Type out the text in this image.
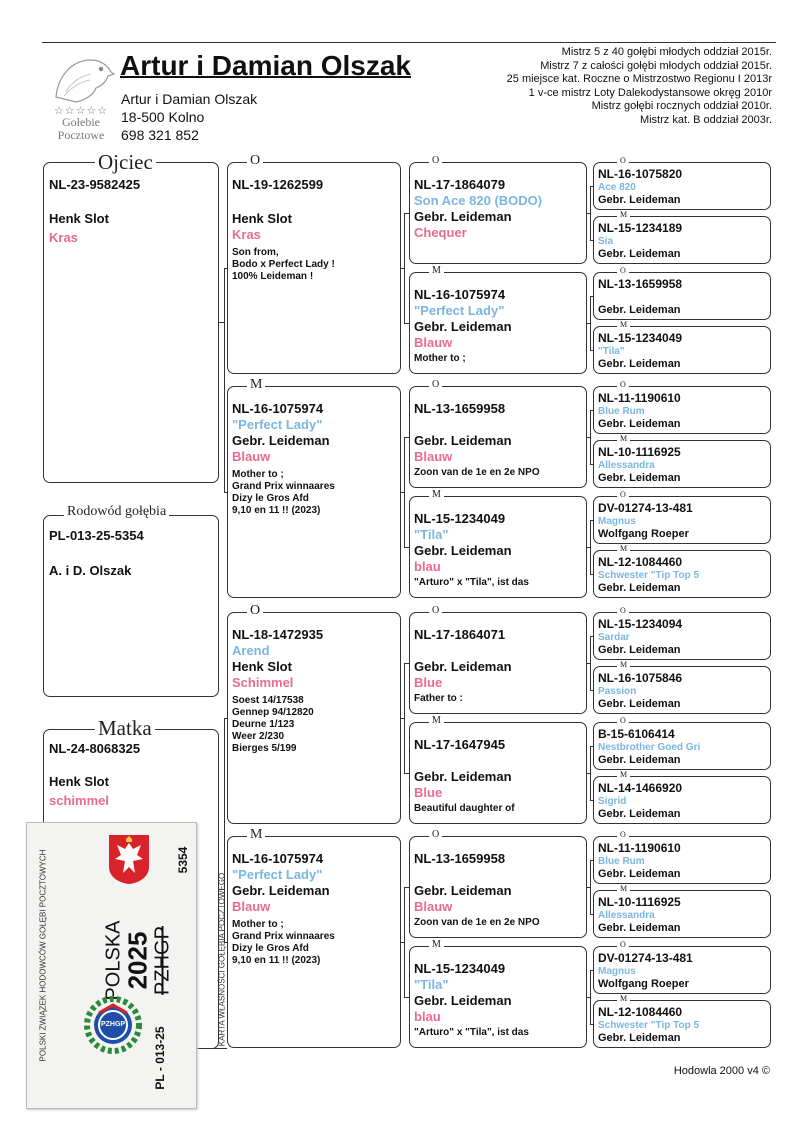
☆☆☆☆☆
Gołebie Pocztowe
Artur i Damian Olszak
Artur i Damian Olszak
18-500 Kolno
698 321 852
Mistrz 5 z 40 gołębi młodych oddział 2015r.
Mistrz 7 z całości gołębi młodych oddział 2015r.
25 miejsce kat. Roczne o Mistrzostwo Regionu I 2013r
1 v-ce mistrz Loty Dalekodystansowe okręg 2010r
Mistrz gołębi rocznych oddział 2010r.
Mistrz kat. B oddział 2003r.
NL-23-9582425
Henk Slot
Kras
Ojciec
PL-013-25-5354
A. i D. Olszak
Rodowód gołębia
NL-24-8068325
Henk Slot
schimmel
Matka
NL-19-1262599
Henk Slot
Kras
Son from,
Bodo x Perfect Lady !
100% Leideman !
O
NL-16-1075974
"Perfect Lady"
Gebr. Leideman
Blauw
Mother to ;
Grand Prix winnaares
Dizy le Gros Afd
9,10 en 11 !! (2023)
M
NL-18-1472935
Arend
Henk Slot
Schimmel
Soest 14/17538
Gennep 94/12820
Deurne 1/123
Weer 2/230
Bierges 5/199
O
NL-16-1075974
"Perfect Lady"
Gebr. Leideman
Blauw
Mother to ;
Grand Prix winnaares
Dizy le Gros Afd
9,10 en 11 !! (2023)
M
NL-17-1864079
Son Ace 820 (BODO)
Gebr. Leideman
Chequer
O
NL-16-1075974
"Perfect Lady"
Gebr. Leideman
Blauw
Mother to ;
M
NL-13-1659958
Gebr. Leideman
Blauw
Zoon van de 1e en 2e NPO
O
NL-15-1234049
"Tila"
Gebr. Leideman
blau
"Arturo" x "Tila", ist das
M
NL-17-1864071
Gebr. Leideman
Blue
Father to :
O
NL-17-1647945
Gebr. Leideman
Blue
Beautiful daughter of
M
NL-13-1659958
Gebr. Leideman
Blauw
Zoon van de 1e en 2e NPO
O
NL-15-1234049
"Tila"
Gebr. Leideman
blau
"Arturo" x "Tila", ist das
M
NL-16-1075820
Ace 820
Gebr. Leideman
O
NL-15-1234189
Sia
Gebr. Leideman
M
NL-13-1659958
Gebr. Leideman
O
NL-15-1234049
"Tila"
Gebr. Leideman
M
NL-11-1190610
Blue Rum
Gebr. Leideman
O
NL-10-1116925
Allessandra
Gebr. Leideman
M
DV-01274-13-481
Magnus
Wolfgang Roeper
O
NL-12-1084460
Schwester "Tip Top 5
Gebr. Leideman
M
NL-15-1234094
Sardar
Gebr. Leideman
O
NL-16-1075846
Passion
Gebr. Leideman
M
B-15-6106414
Nestbrother Goed Gri
Gebr. Leideman
O
NL-14-1466920
Sigrid
Gebr. Leideman
M
NL-11-1190610
Blue Rum
Gebr. Leideman
O
NL-10-1116925
Allessandra
Gebr. Leideman
M
DV-01274-13-481
Magnus
Wolfgang Roeper
O
NL-12-1084460
Schwester "Tip Top 5
Gebr. Leideman
M
POLSKI ZWIĄZEK HODOWCÓW GOŁĘBI POCZTOWYCH	POLSKA
2025 PZHGP
5354
PZHGP
PL - 013-25
KARTA WŁASNOŚCI GOŁĘBIA POCZTOWEGO
Hodowla 2000 v4 ©
